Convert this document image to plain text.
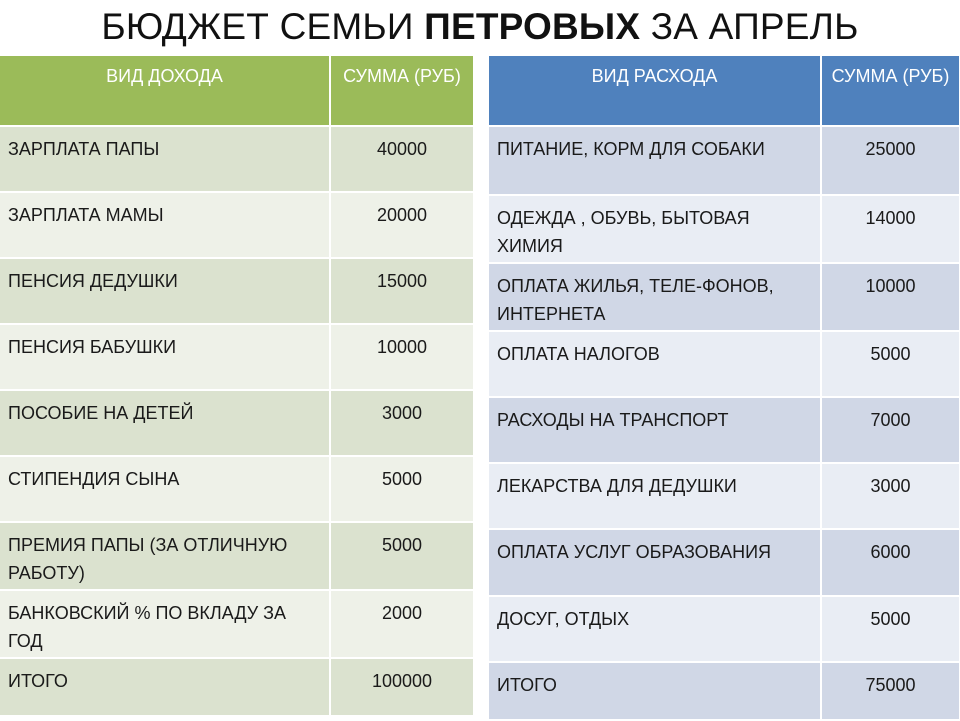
БЮДЖЕТ СЕМЬИ ПЕТРОВЫХ ЗА АПРЕЛЬ
ВИД ДОХОДА	СУММА (РУБ)
ЗАРПЛАТА ПАПЫ	40000
ЗАРПЛАТА МАМЫ	20000
ПЕНСИЯ ДЕДУШКИ	15000
ПЕНСИЯ БАБУШКИ	10000
ПОСОБИЕ НА ДЕТЕЙ	3000
СТИПЕНДИЯ СЫНА	5000
ПРЕМИЯ ПАПЫ (ЗА ОТЛИЧНУЮ РАБОТУ)	5000
БАНКОВСКИЙ % ПО ВКЛАДУ ЗА ГОД	2000
ИТОГО	100000
ВИД РАСХОДА	СУММА (РУБ)
ПИТАНИЕ, КОРМ ДЛЯ СОБАКИ	25000
ОДЕЖДА , ОБУВЬ, БЫТОВАЯ ХИМИЯ	14000
ОПЛАТА ЖИЛЬЯ, ТЕЛЕ-ФОНОВ, ИНТЕРНЕТА	10000
ОПЛАТА НАЛОГОВ	5000
РАСХОДЫ НА ТРАНСПОРТ	7000
ЛЕКАРСТВА ДЛЯ ДЕДУШКИ	3000
ОПЛАТА УСЛУГ ОБРАЗОВАНИЯ	6000
ДОСУГ, ОТДЫХ	5000
ИТОГО	75000
